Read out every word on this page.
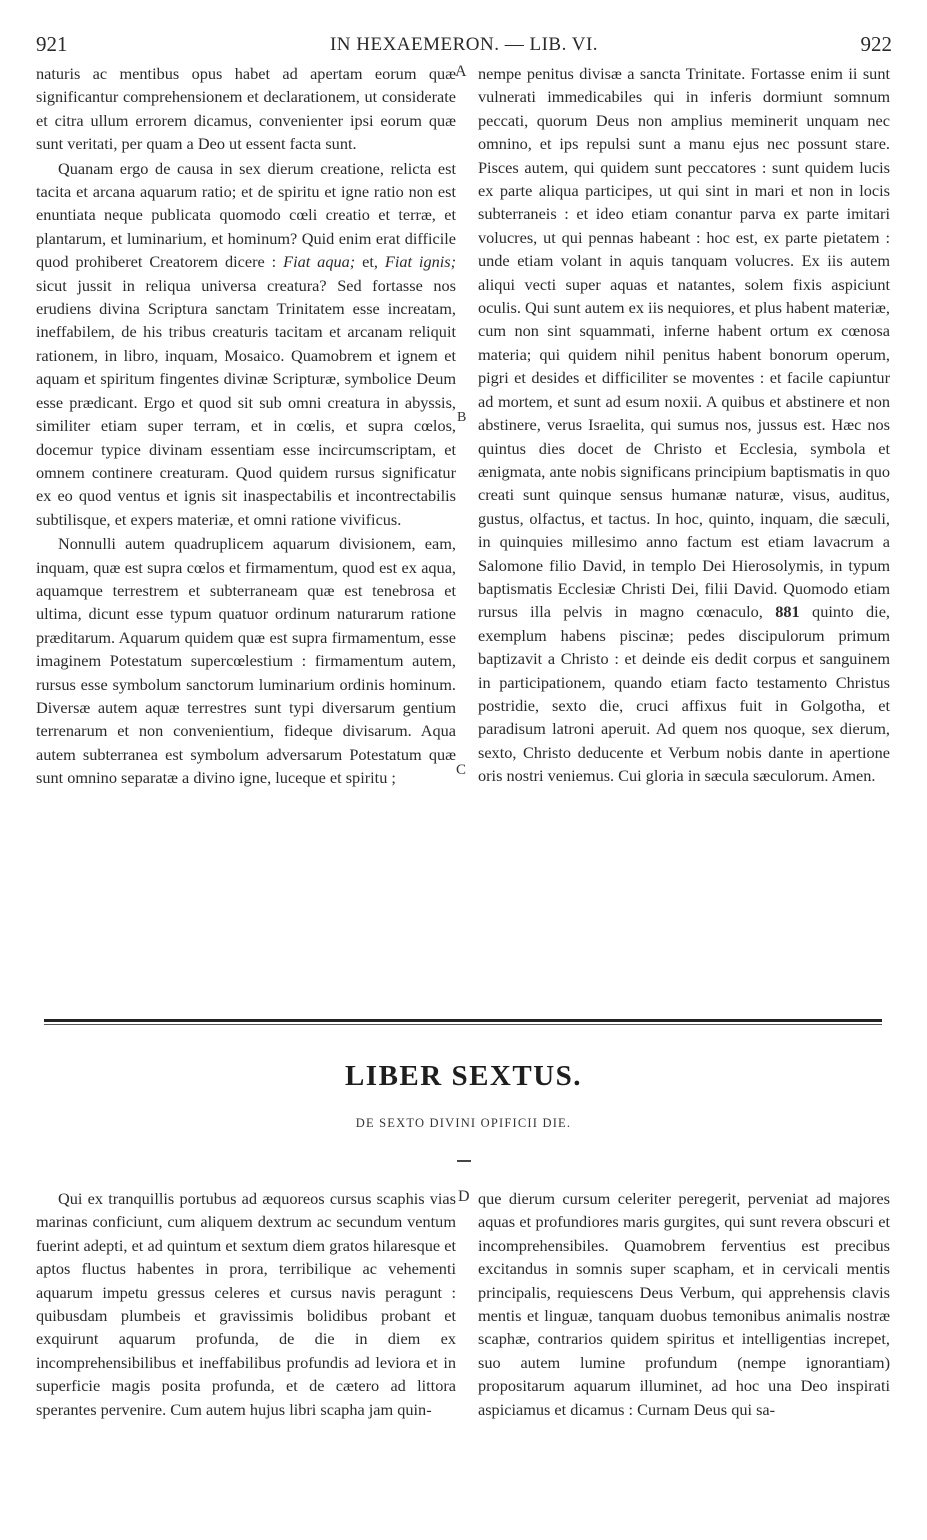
921	IN HEXAEMERON. — LIB. VI.	922

naturis ac mentibus opus habet ad apertam eorum quæ significantur comprehensionem et declarationem, ut considerate et citra ullum errorem dicamus, convenienter ipsi eorum quæ sunt veritati, per quam a Deo ut essent facta sunt.

Quanam ergo de causa in sex dierum creatione, relicta est tacita et arcana aquarum ratio; et de spiritu et igne ratio non est enuntiata neque publicata quomodo cœli creatio et terræ, et plantarum, et luminarium, et hominum? Quid enim erat difficile quod prohiberet Creatorem dicere : Fiat aqua; et, Fiat ignis; sicut jussit in reliqua universa creatura? Sed fortasse nos erudiens divina Scriptura sanctam Trinitatem esse increatam, ineffabilem, de his tribus creaturis tacitam et arcanam reliquit rationem, in libro, inquam, Mosaico. Quamobrem et ignem et aquam et spiritum fingentes divinæ Scripturæ, symbolice Deum esse prædicant. Ergo et quod sit sub omni creatura in abyssis, similiter etiam super terram, et in cœlis, et supra cœlos, docemur typice divinam essentiam esse incircumscriptam, et omnem continere creaturam. Quod quidem rursus significatur ex eo quod ventus et ignis sit inaspectabilis et incontrectabilis subtilisque, et expers materiæ, et omni ratione vivificus.

Nonnulli autem quadruplicem aquarum divisionem, eam, inquam, quæ est supra cœlos et firmamentum, quod est ex aqua, aquamque terrestrem et subterraneam quæ est tenebrosa et ultima, dicunt esse typum quatuor ordinum naturarum ratione præditarum. Aquarum quidem quæ est supra firmamentum, esse imaginem Potestatum supercœlestium : firmamentum autem, rursus esse symbolum sanctorum luminarium ordinis hominum. Diversæ autem aquæ terrestres sunt typi diversarum gentium terrenarum et non convenientium, fideque divisarum. Aqua autem subterranea est symbolum adversarum Potestatum quæ sunt omnino separatæ a divino igne, luceque et spiritu ;

A
B
C

nempe penitus divisæ a sancta Trinitate. Fortasse enim ii sunt vulnerati immedicabiles qui in inferis dormiunt somnum peccati, quorum Deus non amplius meminerit unquam nec omnino, et ips repulsi sunt a manu ejus nec possunt stare. Pisces autem, qui quidem sunt peccatores : sunt quidem lucis ex parte aliqua participes, ut qui sint in mari et non in locis subterraneis : et ideo etiam conantur parva ex parte imitari volucres, ut qui pennas habeant : hoc est, ex parte pietatem : unde etiam volant in aquis tanquam volucres. Ex iis autem aliqui vecti super aquas et natantes, solem fixis aspiciunt oculis. Qui sunt autem ex iis nequiores, et plus habent materiæ, cum non sint squammati, inferne habent ortum ex cœnosa materia; qui quidem nihil penitus habent bonorum operum, pigri et desides et difficiliter se moventes : et facile capiuntur ad mortem, et sunt ad esum noxii. A quibus et abstinere et non abstinere, verus Israelita, qui sumus nos, jussus est. Hæc nos quintus dies docet de Christo et Ecclesia, symbola et ænigmata, ante nobis significans principium baptismatis in quo creati sunt quinque sensus humanæ naturæ, visus, auditus, gustus, olfactus, et tactus. In hoc, quinto, inquam, die sæculi, in quinquies millesimo anno factum est etiam lavacrum a Salomone filio David, in templo Dei Hierosolymis, in typum baptismatis Ecclesiæ Christi Dei, filii David. Quomodo etiam rursus illa pelvis in magno cœnaculo, 881 quinto die, exemplum habens piscinæ; pedes discipulorum primum baptizavit a Christo : et deinde eis dedit corpus et sanguinem in participationem, quando etiam facto testamento Christus postridie, sexto die, cruci affixus fuit in Golgotha, et paradisum latroni aperuit. Ad quem nos quoque, sex dierum, sexto, Christo deducente et Verbum nobis dante in apertione oris nostri veniemus. Cui gloria in sæcula sæculorum. Amen.

LIBER SEXTUS.
DE SEXTO DIVINI OPIFICII DIE.

Qui ex tranquillis portubus ad æquoreos cursus scaphis vias marinas conficiunt, cum aliquem dextrum ac secundum ventum fuerint adepti, et ad quintum et sextum diem gratos hilaresque et aptos fluctus habentes in prora, terribilique ac vehementi aquarum impetu gressus celeres et cursus navis peragunt : quibusdam plumbeis et gravissimis bolidibus probant et exquirunt aquarum profunda, de die in diem ex incomprehensibilibus et ineffabilibus profundis ad leviora et in superficie magis posita profunda, et de cætero ad littora sperantes pervenire. Cum autem hujus libri scapha jam quin-

D que dierum cursum celeriter peregerit, perveniat ad majores aquas et profundiores maris gurgites, qui sunt revera obscuri et incomprehensibiles. Quamobrem ferventius est precibus excitandus in somnis super scapham, et in cervicali mentis principalis, requiescens Deus Verbum, qui apprehensis clavis mentis et linguæ, tanquam duobus temonibus animalis nostræ scaphæ, contrarios quidem spiritus et intelligentias increpet, suo autem lumine profundum (nempe ignorantiam) propositarum aquarum illuminet, ad hoc una Deo inspirati aspiciamus et dicamus : Curnam Deus qui sa-
